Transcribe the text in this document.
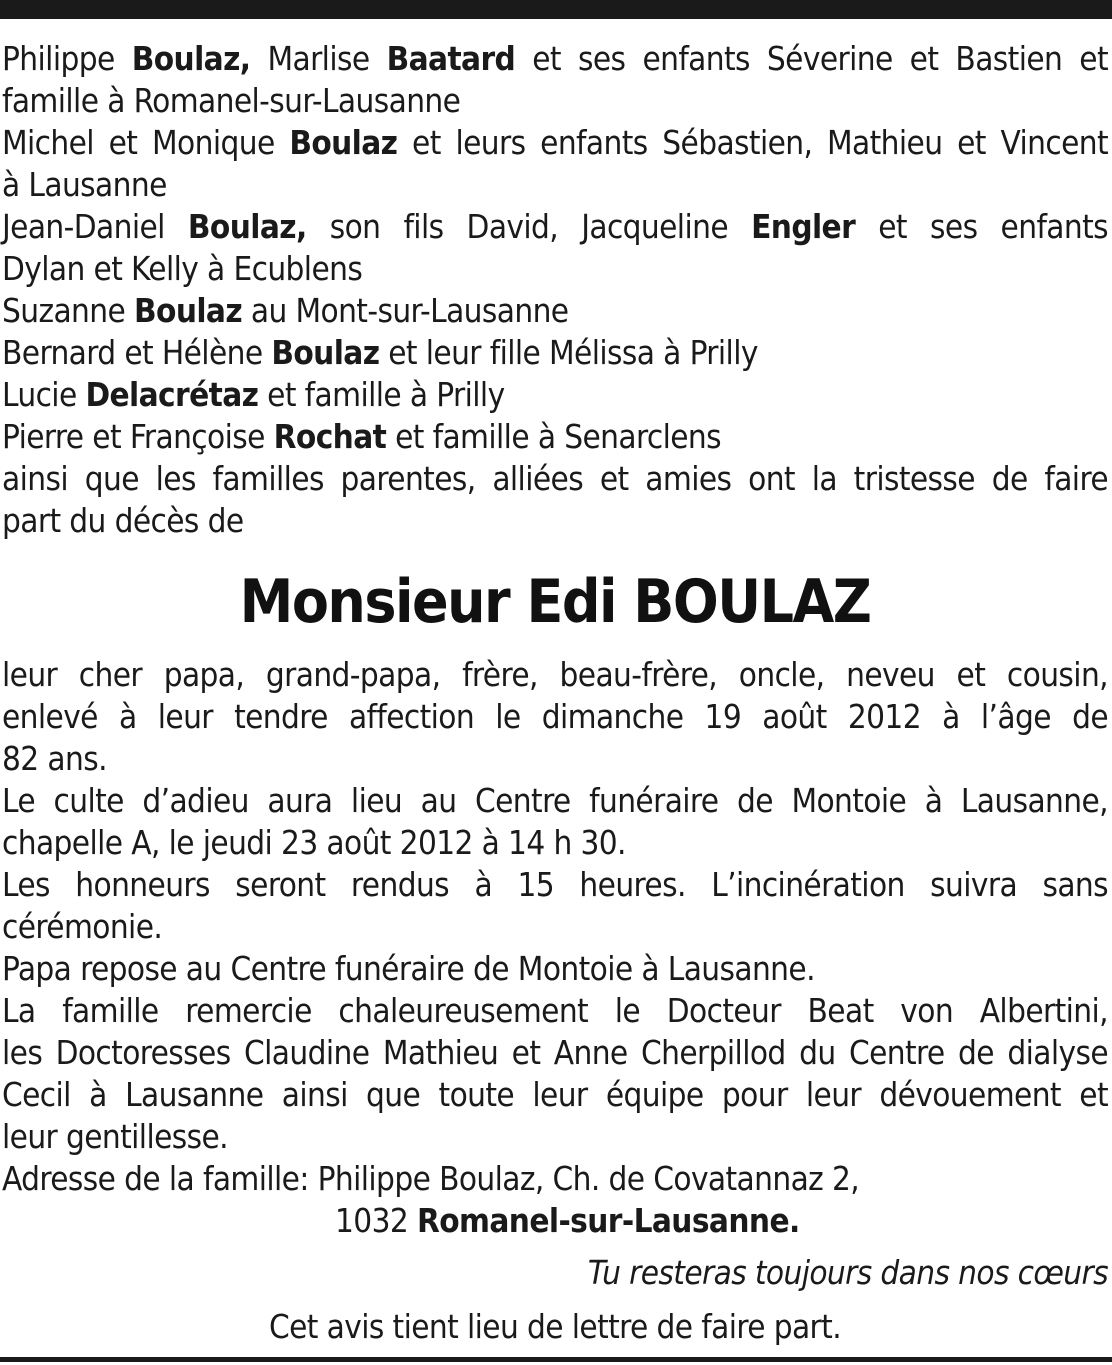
Philippe Boulaz, Marlise Baatard et ses enfants Séverine et Bastien et
famille à Romanel-sur-Lausanne
Michel et Monique Boulaz et leurs enfants Sébastien, Mathieu et Vincent
à Lausanne
Jean-Daniel Boulaz, son fils David, Jacqueline Engler et ses enfants
Dylan et Kelly à Ecublens
Suzanne Boulaz au Mont-sur-Lausanne
Bernard et Hélène Boulaz et leur fille Mélissa à Prilly
Lucie Delacrétaz et famille à Prilly
Pierre et Françoise Rochat et famille à Senarclens
ainsi que les familles parentes, alliées et amies ont la tristesse de faire
part du décès de
Monsieur Edi BOULAZ
leur cher papa, grand-papa, frère, beau-frère, oncle, neveu et cousin,
enlevé à leur tendre affection le dimanche 19 août 2012 à l’âge de
82 ans.
Le culte d’adieu aura lieu au Centre funéraire de Montoie à Lausanne,
chapelle A, le jeudi 23 août 2012 à 14 h 30.
Les honneurs seront rendus à 15 heures. L’incinération suivra sans
cérémonie.
Papa repose au Centre funéraire de Montoie à Lausanne.
La famille remercie chaleureusement le Docteur Beat von Albertini,
les Doctoresses Claudine Mathieu et Anne Cherpillod du Centre de dialyse
Cecil à Lausanne ainsi que toute leur équipe pour leur dévouement et
leur gentillesse.
Adresse de la famille: Philippe Boulaz, Ch. de Covatannaz 2,
1032 Romanel-sur-Lausanne.
Tu resteras toujours dans nos cœurs
Cet avis tient lieu de lettre de faire part.
